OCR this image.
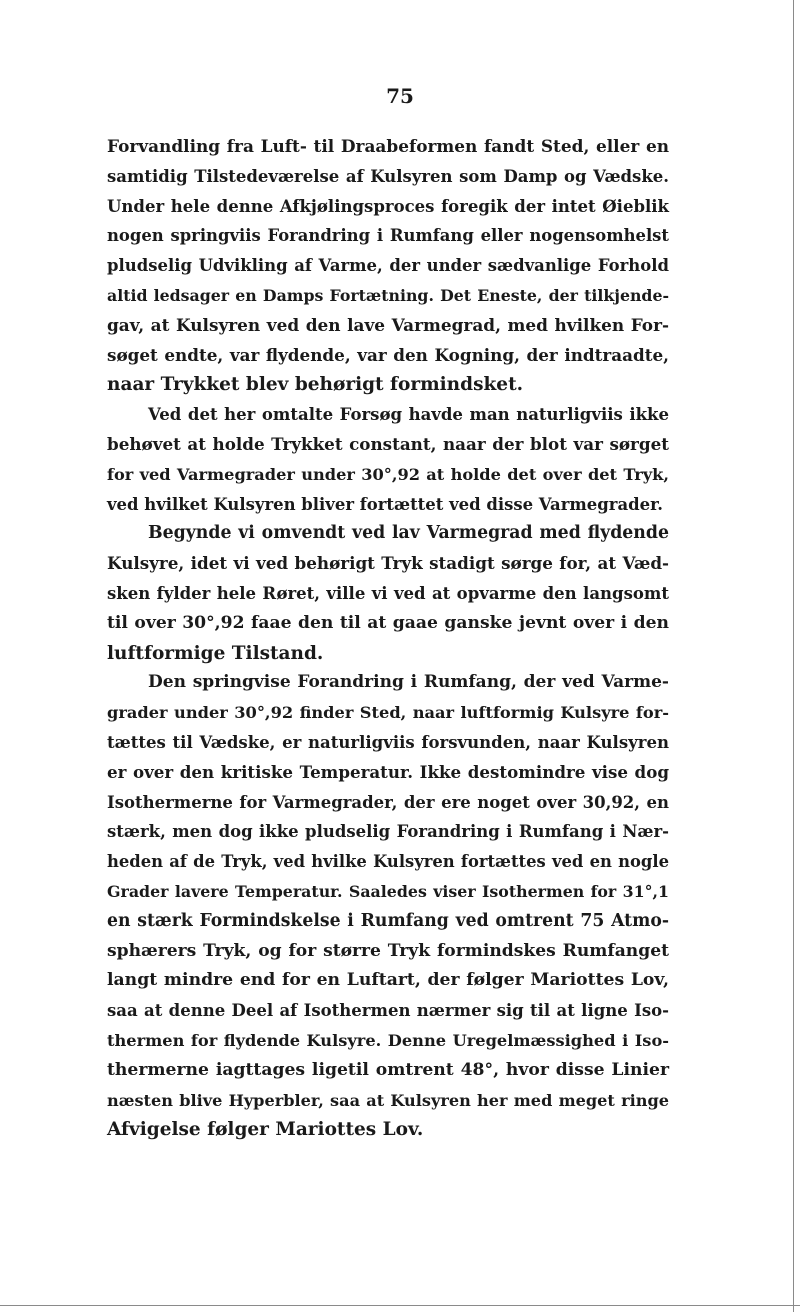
75
Forvandling fra Luft- til Draabeformen fandt Sted, eller en
samtidig Tilstedeværelse af Kulsyren som Damp og Vædske.
Under hele denne Afkjølingsproces foregik der intet Øieblik
nogen springviis Forandring i Rumfang eller nogensomhelst
pludselig Udvikling af Varme, der under sædvanlige Forhold
altid ledsager en Damps Fortætning. Det Eneste, der tilkjende-
gav, at Kulsyren ved den lave Varmegrad, med hvilken For-
søget endte, var flydende, var den Kogning, der indtraadte,
naar Trykket blev behørigt formindsket.
Ved det her omtalte Forsøg havde man naturligviis ikke
behøvet at holde Trykket constant, naar der blot var sørget
for ved Varmegrader under 30°,92 at holde det over det Tryk,
ved hvilket Kulsyren bliver fortættet ved disse Varmegrader.
Begynde vi omvendt ved lav Varmegrad med flydende
Kulsyre, idet vi ved behørigt Tryk stadigt sørge for, at Væd-
sken fylder hele Røret, ville vi ved at opvarme den langsomt
til over 30°,92 faae den til at gaae ganske jevnt over i den
luftformige Tilstand.
Den springvise Forandring i Rumfang, der ved Varme-
grader under 30°,92 finder Sted, naar luftformig Kulsyre for-
tættes til Vædske, er naturligviis forsvunden, naar Kulsyren
er over den kritiske Temperatur. Ikke destomindre vise dog
Isothermerne for Varmegrader, der ere noget over 30,92, en
stærk, men dog ikke pludselig Forandring i Rumfang i Nær-
heden af de Tryk, ved hvilke Kulsyren fortættes ved en nogle
Grader lavere Temperatur. Saaledes viser Isothermen for 31°,1
en stærk Formindskelse i Rumfang ved omtrent 75 Atmo-
sphærers Tryk, og for større Tryk formindskes Rumfanget
langt mindre end for en Luftart, der følger Mariottes Lov,
saa at denne Deel af Isothermen nærmer sig til at ligne Iso-
thermen for flydende Kulsyre. Denne Uregelmæssighed i Iso-
thermerne iagttages ligetil omtrent 48°, hvor disse Linier
næsten blive Hyperbler, saa at Kulsyren her med meget ringe
Afvigelse følger Mariottes Lov.
